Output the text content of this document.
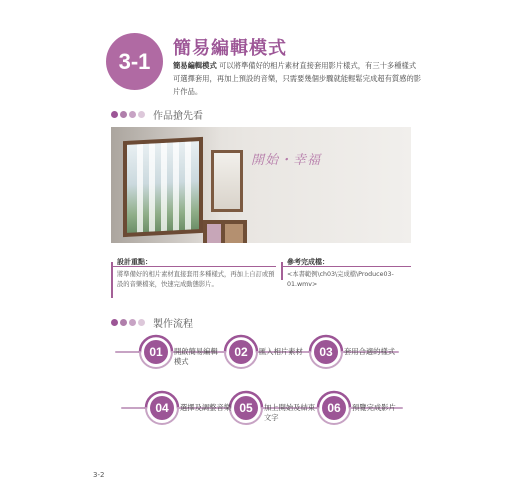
3-1 簡易編輯模式
簡易編輯模式 可以將準備好的相片素材直接套用影片樣式，有三十多種樣式可選擇套用，再加上預設的音樂，只需要幾個步驟就能輕鬆完成超有質感的影片作品。
作品搶先看
開始・幸福
設計重點：
將準備好的相片素材直接套用多種樣式，再加上自訂或預設的音樂檔案，快速完成動態影片。
參考完成檔：
<本書範例\ch03\完成檔\Produce03-01.wmv>
製作流程
01	開啟簡易編輯模式
02	匯入相片素材	03	套用合適的樣式
04	選擇及調整音樂 05	加上開始及結束文字
06	預覽完成影片
3-2
